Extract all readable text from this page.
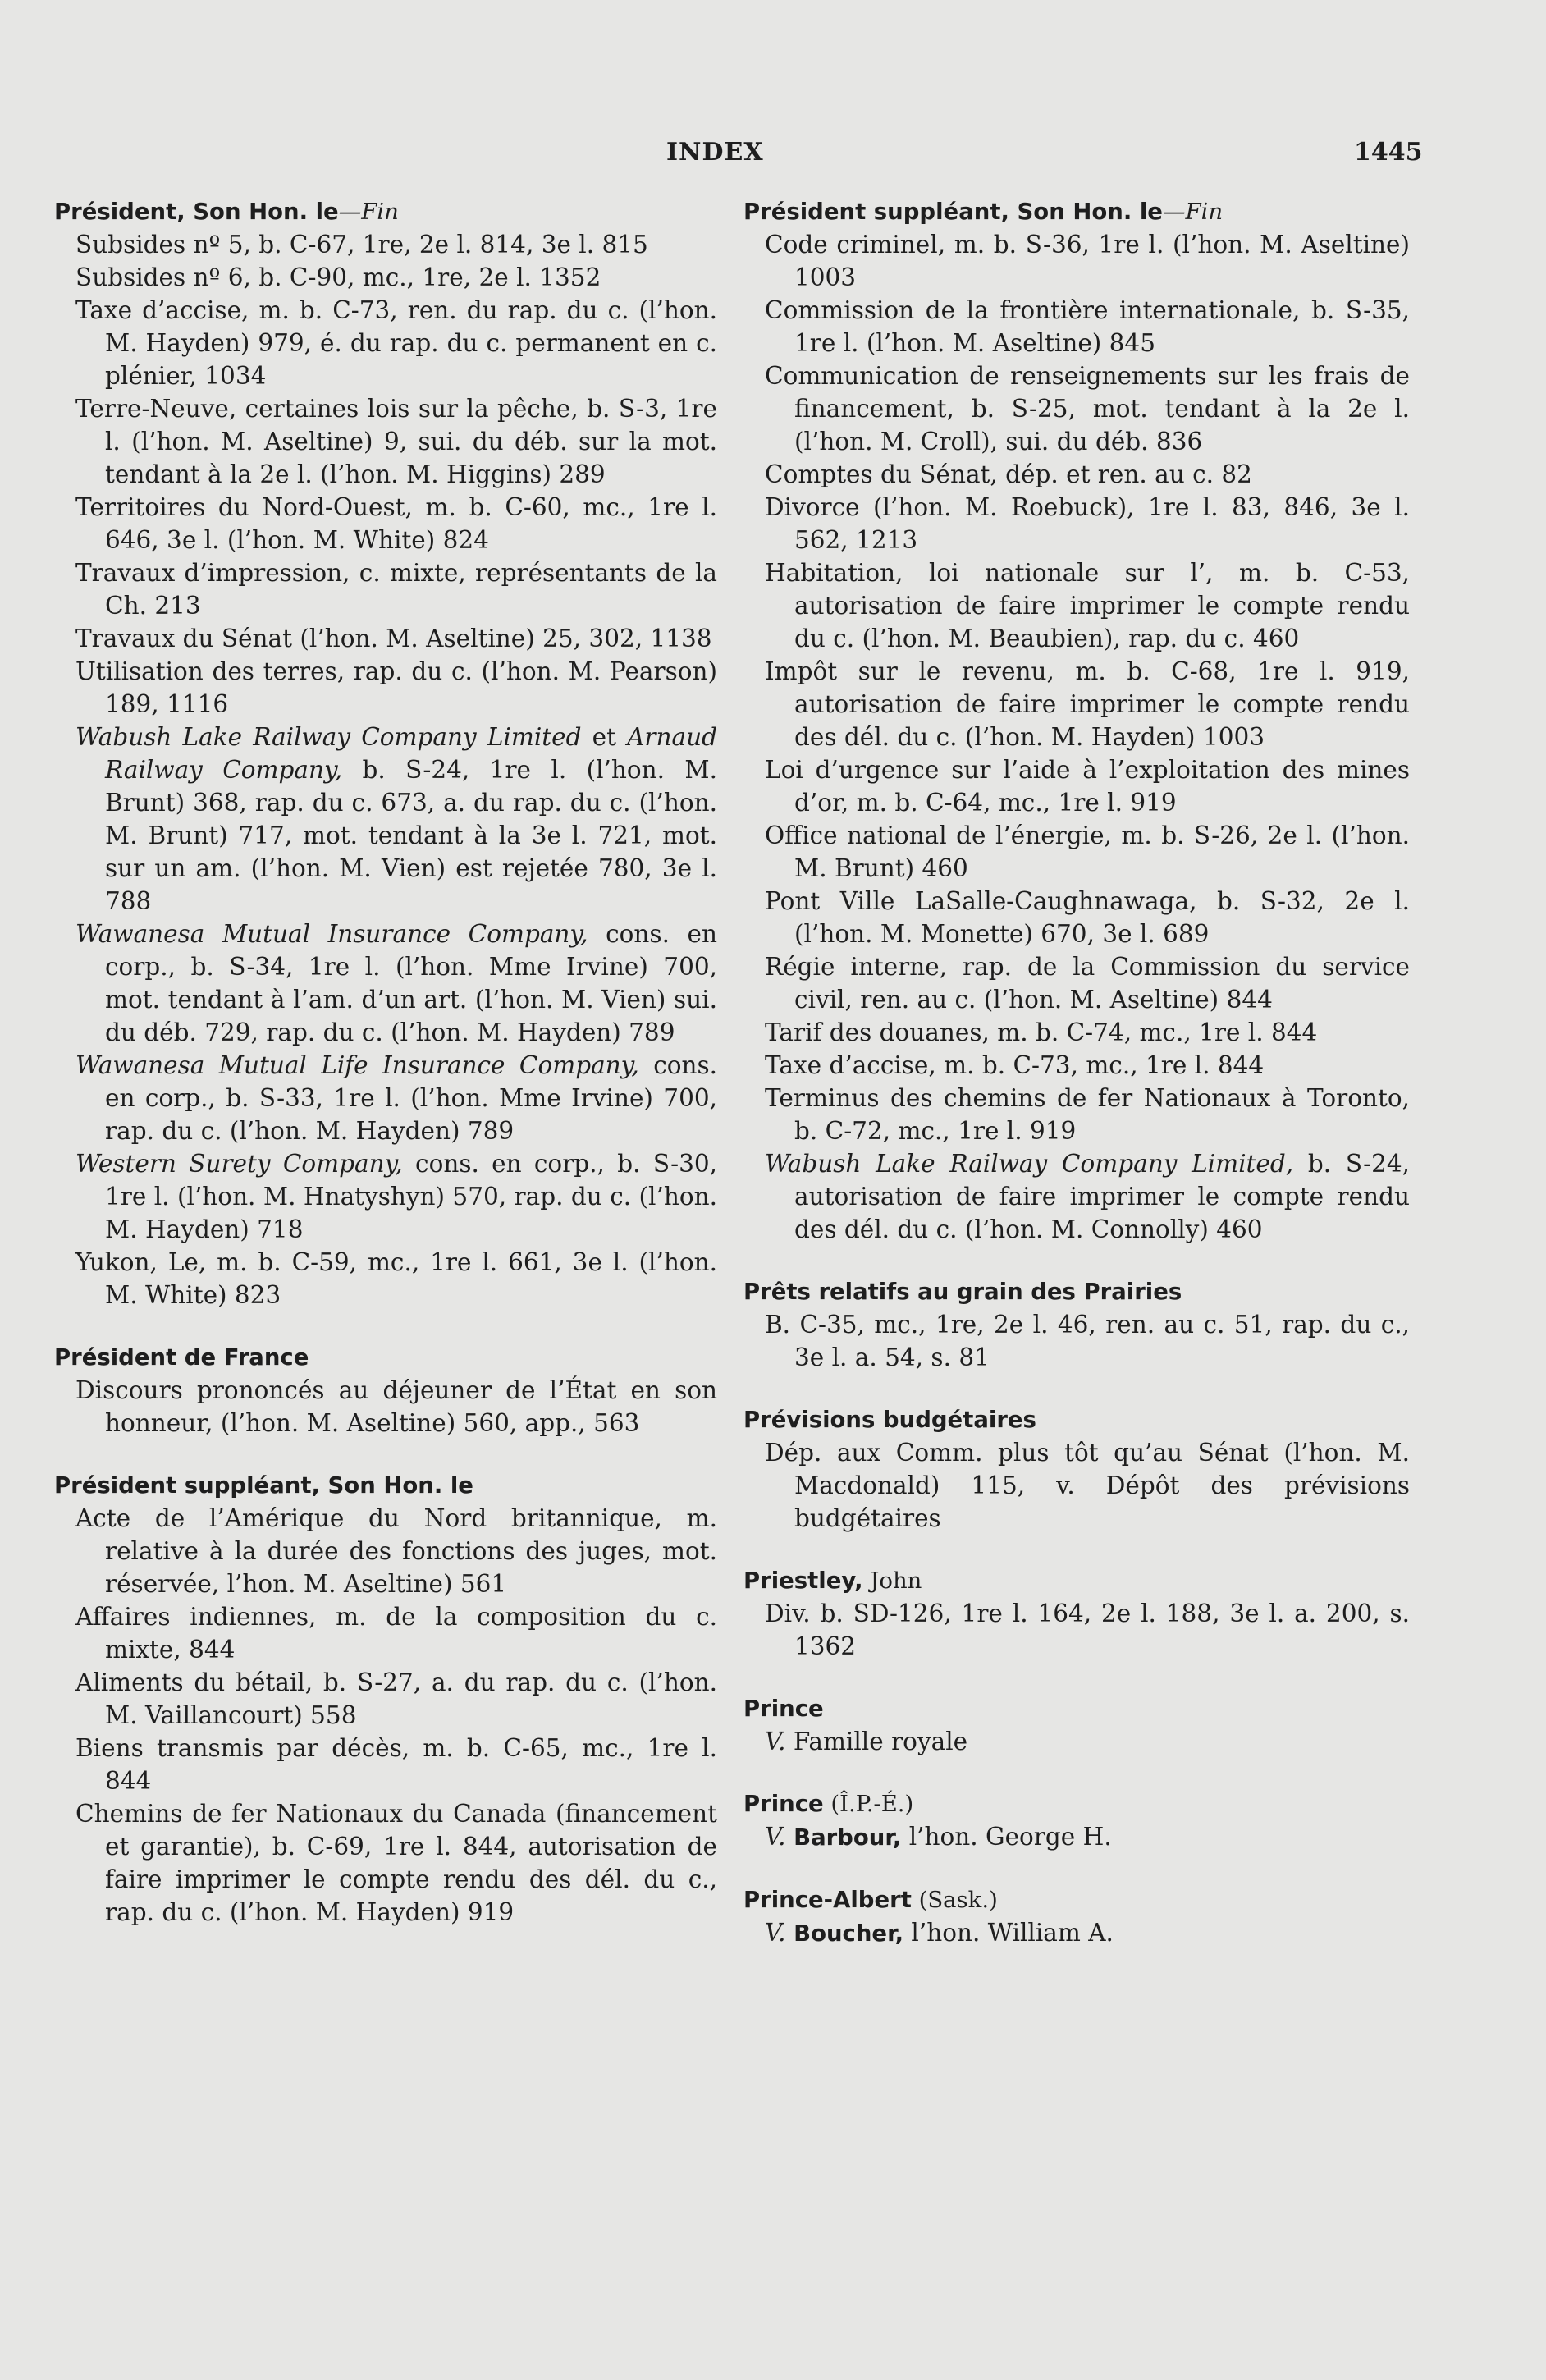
INDEX	1445
Président, Son Hon. le—Fin
Subsides nº 5, b. C-67, 1re, 2e l. 814, 3e l. 815
Subsides nº 6, b. C-90, mc., 1re, 2e l. 1352
Taxe d’accise, m. b. C-73, ren. du rap. du c. (l’hon. M. Hayden) 979, é. du rap. du c. permanent en c. plénier, 1034
Terre-Neuve, certaines lois sur la pêche, b. S-3, 1re l. (l’hon. M. Aseltine) 9, sui. du déb. sur la mot. tendant à la 2e l. (l’hon. M. Higgins) 289
Territoires du Nord-Ouest, m. b. C-60, mc., 1re l. 646, 3e l. (l’hon. M. White) 824
Travaux d’impression, c. mixte, représentants de la Ch. 213
Travaux du Sénat (l’hon. M. Aseltine) 25, 302, 1138
Utilisation des terres, rap. du c. (l’hon. M. Pearson) 189, 1116
Wabush Lake Railway Company Limited et Arnaud Railway Company, b. S-24, 1re l. (l’hon. M. Brunt) 368, rap. du c. 673, a. du rap. du c. (l’hon. M. Brunt) 717, mot. tendant à la 3e l. 721, mot. sur un am. (l’hon. M. Vien) est rejetée 780, 3e l. 788
Wawanesa Mutual Insurance Company, cons. en corp., b. S-34, 1re l. (l’hon. Mme Irvine) 700, mot. tendant à l’am. d’un art. (l’hon. M. Vien) sui. du déb. 729, rap. du c. (l’hon. M. Hayden) 789
Wawanesa Mutual Life Insurance Company, cons. en corp., b. S-33, 1re l. (l’hon. Mme Irvine) 700, rap. du c. (l’hon. M. Hayden) 789
Western Surety Company, cons. en corp., b. S-30, 1re l. (l’hon. M. Hnatyshyn) 570, rap. du c. (l’hon. M. Hayden) 718
Yukon, Le, m. b. C-59, mc., 1re l. 661, 3e l. (l’hon. M. White) 823
Président de France
Discours prononcés au déjeuner de l’État en son honneur, (l’hon. M. Aseltine) 560, app., 563
Président suppléant, Son Hon. le
Acte de l’Amérique du Nord britannique, m. relative à la durée des fonctions des juges, mot. réservée, l’hon. M. Aseltine) 561
Affaires indiennes, m. de la composition du c. mixte, 844
Aliments du bétail, b. S-27, a. du rap. du c. (l’hon. M. Vaillancourt) 558
Biens transmis par décès, m. b. C-65, mc., 1re l. 844
Chemins de fer Nationaux du Canada (financement et garantie), b. C-69, 1re l. 844, autorisation de faire imprimer le compte rendu des dél. du c., rap. du c. (l’hon. M. Hayden) 919
Président suppléant, Son Hon. le—Fin
Code criminel, m. b. S-36, 1re l. (l’hon. M. Aseltine) 1003
Commission de la frontière internationale, b. S-35, 1re l. (l’hon. M. Aseltine) 845
Communication de renseignements sur les frais de financement, b. S-25, mot. tendant à la 2e l. (l’hon. M. Croll), sui. du déb. 836
Comptes du Sénat, dép. et ren. au c. 82
Divorce (l’hon. M. Roebuck), 1re l. 83, 846, 3e l. 562, 1213
Habitation, loi nationale sur l’, m. b. C-53, autorisation de faire imprimer le compte rendu du c. (l’hon. M. Beaubien), rap. du c. 460
Impôt sur le revenu, m. b. C-68, 1re l. 919, autorisation de faire imprimer le compte rendu des dél. du c. (l’hon. M. Hayden) 1003
Loi d’urgence sur l’aide à l’exploitation des mines d’or, m. b. C-64, mc., 1re l. 919
Office national de l’énergie, m. b. S-26, 2e l. (l’hon. M. Brunt) 460
Pont Ville LaSalle-Caughnawaga, b. S-32, 2e l. (l’hon. M. Monette) 670, 3e l. 689
Régie interne, rap. de la Commission du service civil, ren. au c. (l’hon. M. Aseltine) 844
Tarif des douanes, m. b. C-74, mc., 1re l. 844
Taxe d’accise, m. b. C-73, mc., 1re l. 844
Terminus des chemins de fer Nationaux à Toronto, b. C-72, mc., 1re l. 919
Wabush Lake Railway Company Limited, b. S-24, autorisation de faire imprimer le compte rendu des dél. du c. (l’hon. M. Connolly) 460
Prêts relatifs au grain des Prairies
B. C-35, mc., 1re, 2e l. 46, ren. au c. 51, rap. du c., 3e l. a. 54, s. 81
Prévisions budgétaires
Dép. aux Comm. plus tôt qu’au Sénat (l’hon. M. Macdonald) 115, v. Dépôt des prévisions budgétaires
Priestley, John
Div. b. SD-126, 1re l. 164, 2e l. 188, 3e l. a. 200, s. 1362
Prince
V. Famille royale
Prince (Î.P.-É.)
V. Barbour, l’hon. George H.
Prince-Albert (Sask.)
V. Boucher, l’hon. William A.
